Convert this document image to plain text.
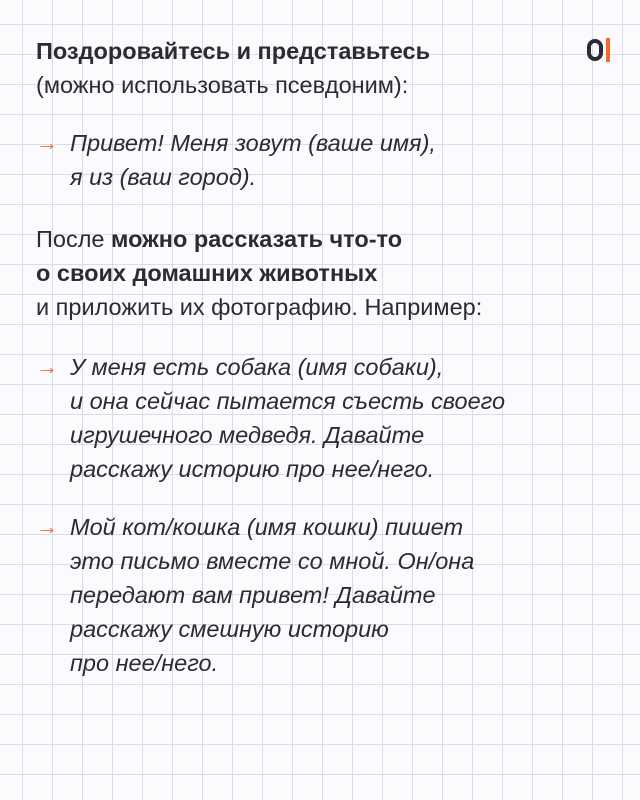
Поздоровайтесь и представьтесь
(можно использовать псевдоним):

→ Привет! Меня зовут (ваше имя),
я из (ваш город).

После можно рассказать что-то
о своих домашних животных
и приложить их фотографию. Например:

→ У меня есть собака (имя собаки),
и она сейчас пытается съесть своего
игрушечного медведя. Давайте
расскажу историю про нее/него.

→ Мой кот/кошка (имя кошки) пишет
это письмо вместе со мной. Он/она
передают вам привет! Давайте
расскажу смешную историю
про нее/него.
